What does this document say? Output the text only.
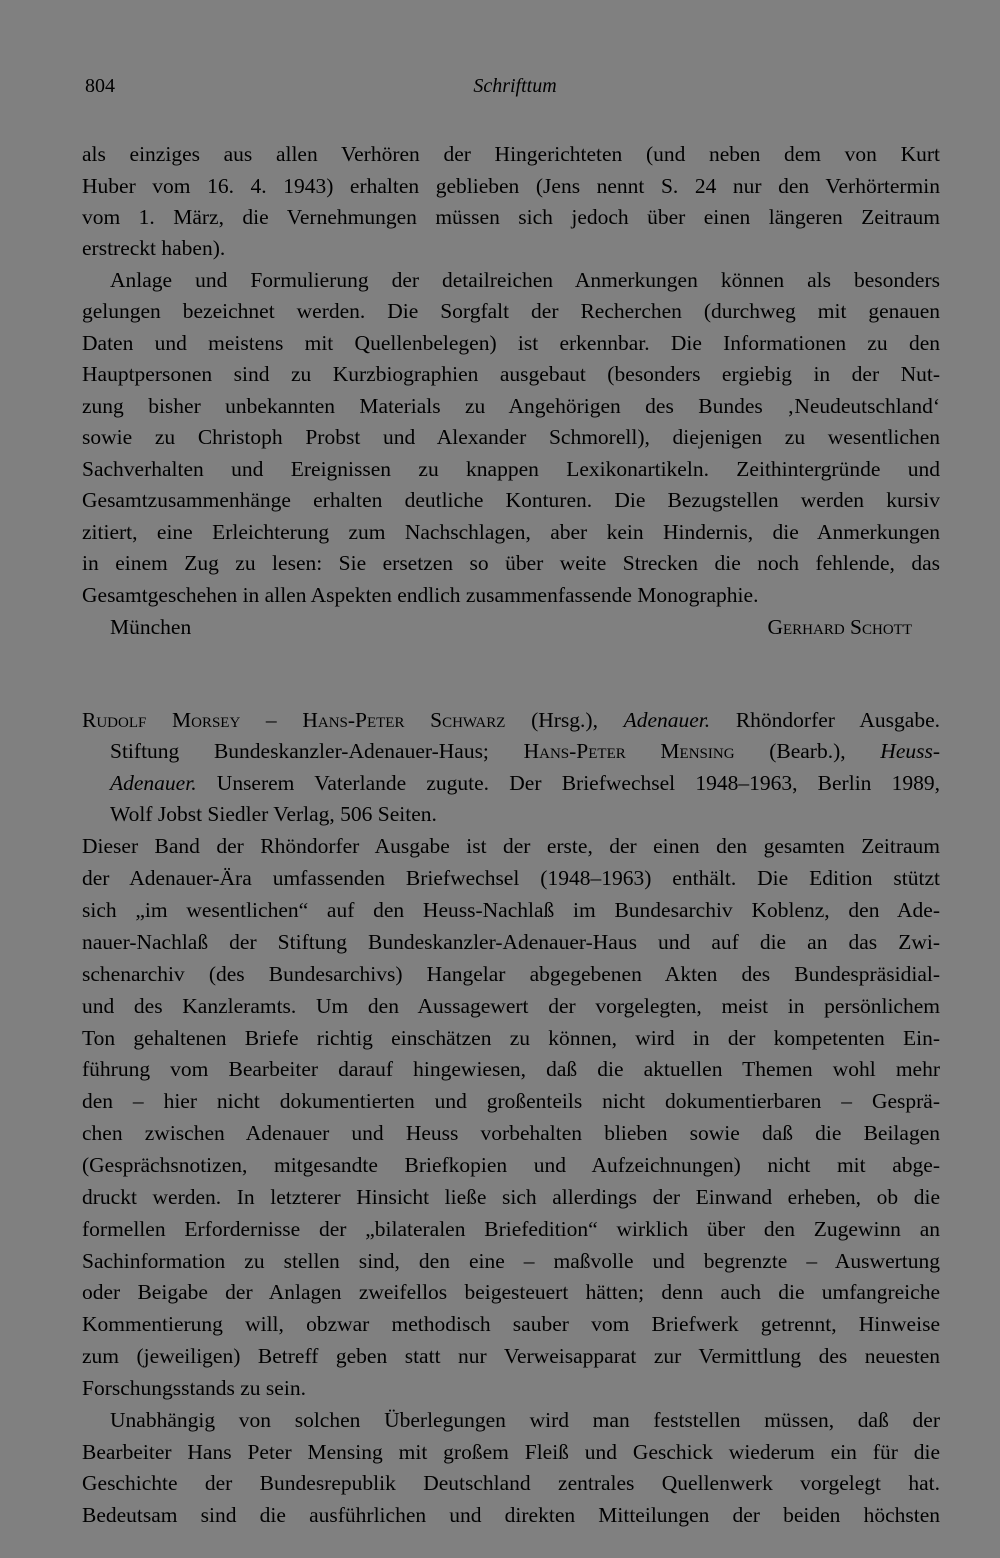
804	Schrifttum

als einziges aus allen Verhören der Hingerichteten (und neben dem von Kurt

Huber vom 16. 4. 1943) erhalten geblieben (Jens nennt S. 24 nur den Verhörtermin

vom 1. März, die Vernehmungen müssen sich jedoch über einen längeren Zeitraum

erstreckt haben).

Anlage und Formulierung der detailreichen Anmerkungen können als besonders

gelungen bezeichnet werden. Die Sorgfalt der Recherchen (durchweg mit genauen

Daten und meistens mit Quellenbelegen) ist erkennbar. Die Informationen zu den

Hauptpersonen sind zu Kurzbiographien ausgebaut (besonders ergiebig in der Nut-

zung bisher unbekannten Materials zu Angehörigen des Bundes ‚Neudeutschland‘

sowie zu Christoph Probst und Alexander Schmorell), diejenigen zu wesentlichen

Sachverhalten und Ereignissen zu knappen Lexikonartikeln. Zeithintergründe und

Gesamtzusammenhänge erhalten deutliche Konturen. Die Bezugstellen werden kursiv

zitiert, eine Erleichterung zum Nachschlagen, aber kein Hindernis, die Anmerkungen

in einem Zug zu lesen: Sie ersetzen so über weite Strecken die noch fehlende, das

Gesamtgeschehen in allen Aspekten endlich zusammenfassende Monographie.

München	Gerhard Schott

Rudolf Morsey – Hans-Peter Schwarz (Hrsg.), Adenauer. Rhöndorfer Ausgabe.

Stiftung Bundeskanzler-Adenauer-Haus; Hans-Peter Mensing (Bearb.), Heuss-

Adenauer. Unserem Vaterlande zugute. Der Briefwechsel 1948–1963, Berlin 1989,

Wolf Jobst Siedler Verlag, 506 Seiten.

Dieser Band der Rhöndorfer Ausgabe ist der erste, der einen den gesamten Zeitraum

der Adenauer-Ära umfassenden Briefwechsel (1948–1963) enthält. Die Edition stützt

sich „im wesentlichen“ auf den Heuss-Nachlaß im Bundesarchiv Koblenz, den Ade-

nauer-Nachlaß der Stiftung Bundeskanzler-Adenauer-Haus und auf die an das Zwi-

schenarchiv (des Bundesarchivs) Hangelar abgegebenen Akten des Bundespräsidial-

und des Kanzleramts. Um den Aussagewert der vorgelegten, meist in persönlichem

Ton gehaltenen Briefe richtig einschätzen zu können, wird in der kompetenten Ein-

führung vom Bearbeiter darauf hingewiesen, daß die aktuellen Themen wohl mehr

den – hier nicht dokumentierten und großenteils nicht dokumentierbaren – Gesprä-

chen zwischen Adenauer und Heuss vorbehalten blieben sowie daß die Beilagen

(Gesprächsnotizen, mitgesandte Briefkopien und Aufzeichnungen) nicht mit abge-

druckt werden. In letzterer Hinsicht ließe sich allerdings der Einwand erheben, ob die

formellen Erfordernisse der „bilateralen Briefedition“ wirklich über den Zugewinn an

Sachinformation zu stellen sind, den eine – maßvolle und begrenzte – Auswertung

oder Beigabe der Anlagen zweifellos beigesteuert hätten; denn auch die umfangreiche

Kommentierung will, obzwar methodisch sauber vom Briefwerk getrennt, Hinweise

zum (jeweiligen) Betreff geben statt nur Verweisapparat zur Vermittlung des neuesten

Forschungsstands zu sein.

Unabhängig von solchen Überlegungen wird man feststellen müssen, daß der

Bearbeiter Hans Peter Mensing mit großem Fleiß und Geschick wiederum ein für die

Geschichte der Bundesrepublik Deutschland zentrales Quellenwerk vorgelegt hat.

Bedeutsam sind die ausführlichen und direkten Mitteilungen der beiden höchsten
